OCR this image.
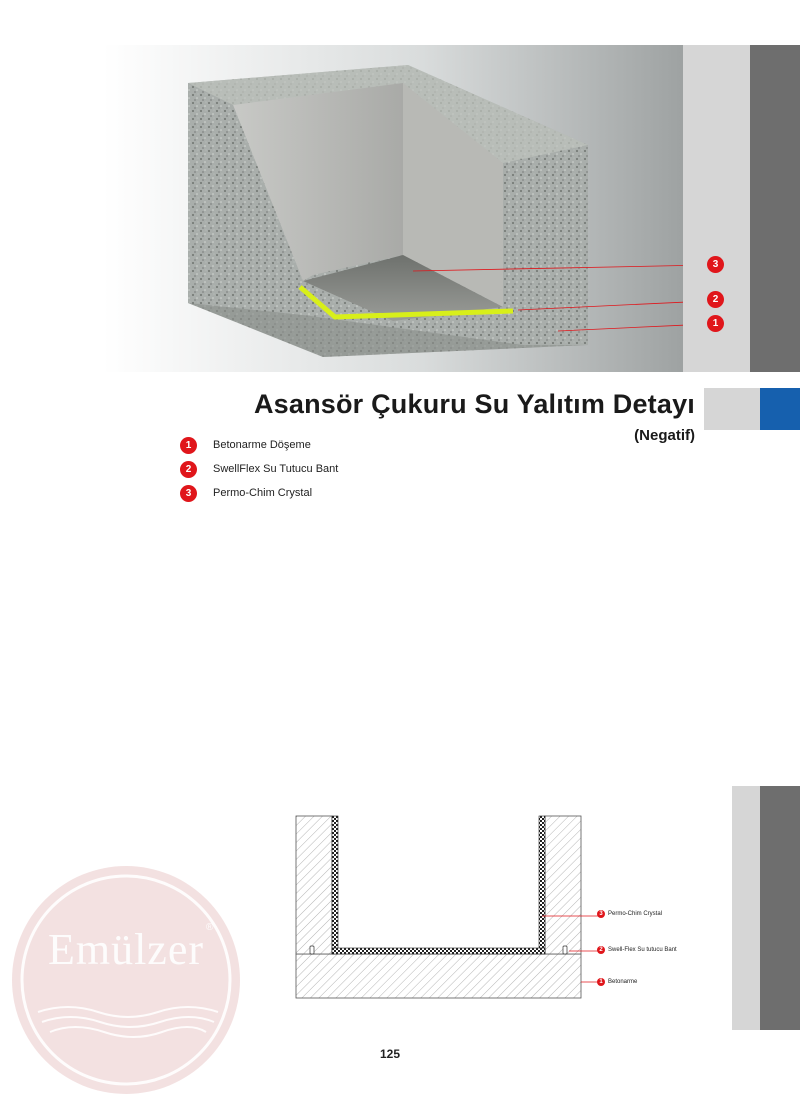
3
2
1
Asansör Çukuru Su Yalıtım Detayı
(Negatif)
1	Betonarme Döşeme
2	SwellFlex Su Tutucu Bant
3	Permo-Chim Crystal
3 Permo-Chim Crystal
2 Swell-Flex Su tutucu Bant
1 Betonarme
Emülzer ®
125
